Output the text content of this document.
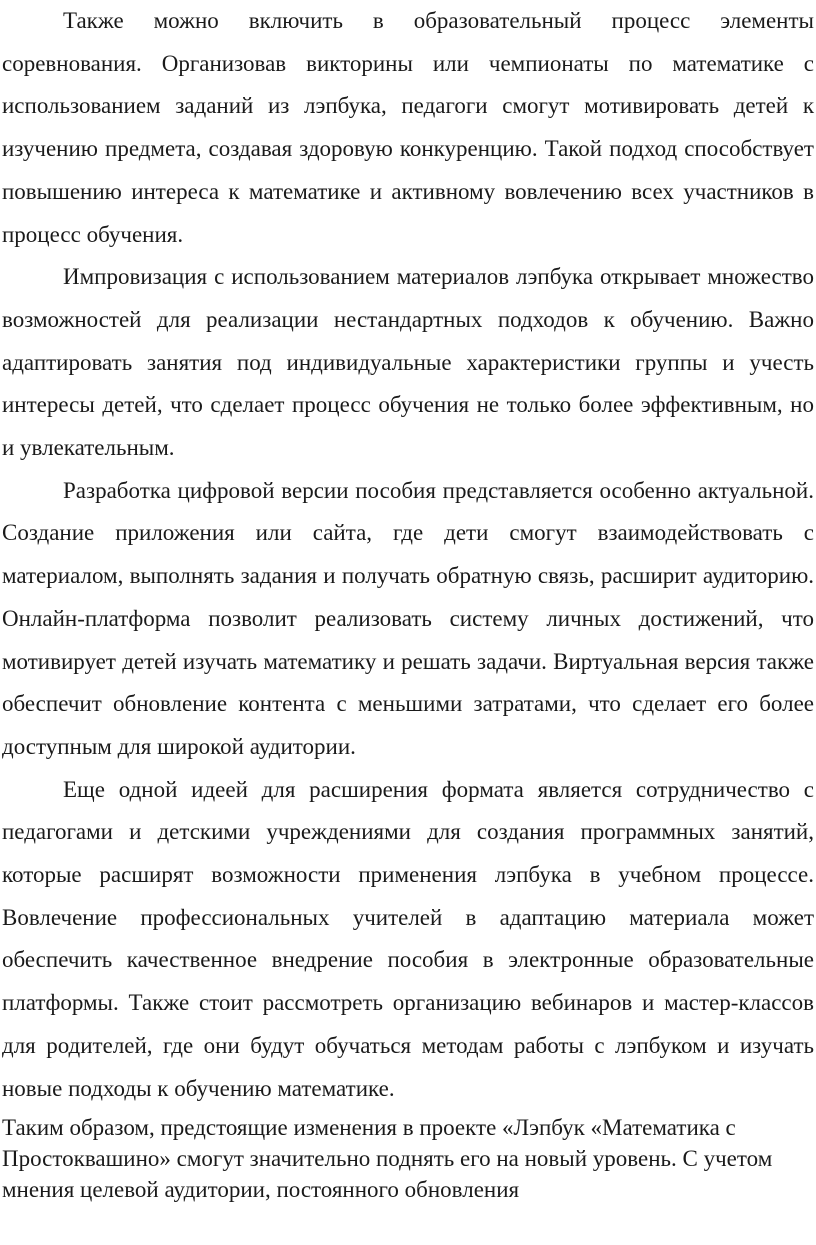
Также можно включить в образовательный процесс элементы соревнования. Организовав викторины или чемпионаты по математике с использованием заданий из лэпбука, педагоги смогут мотивировать детей к изучению предмета, создавая здоровую конкуренцию. Такой подход способствует повышению интереса к математике и активному вовлечению всех участников в процесс обучения.

Импровизация с использованием материалов лэпбука открывает множество возможностей для реализации нестандартных подходов к обучению. Важно адаптировать занятия под индивидуальные характеристики группы и учесть интересы детей, что сделает процесс обучения не только более эффективным, но и увлекательным.

Разработка цифровой версии пособия представляется особенно актуальной. Создание приложения или сайта, где дети смогут взаимодействовать с материалом, выполнять задания и получать обратную связь, расширит аудиторию. Онлайн-платформа позволит реализовать систему личных достижений, что мотивирует детей изучать математику и решать задачи. Виртуальная версия также обеспечит обновление контента с меньшими затратами, что сделает его более доступным для широкой аудитории.

Еще одной идеей для расширения формата является сотрудничество с педагогами и детскими учреждениями для создания программных занятий, которые расширят возможности применения лэпбука в учебном процессе. Вовлечение профессиональных учителей в адаптацию материала может обеспечить качественное внедрение пособия в электронные образовательные платформы. Также стоит рассмотреть организацию вебинаров и мастер-классов для родителей, где они будут обучаться методам работы с лэпбуком и изучать новые подходы к обучению математике.

Таким образом, предстоящие изменения в проекте «Лэпбук «Математика с Простоквашино» смогут значительно поднять его на новый уровень. С учетом мнения целевой аудитории, постоянного обновления
